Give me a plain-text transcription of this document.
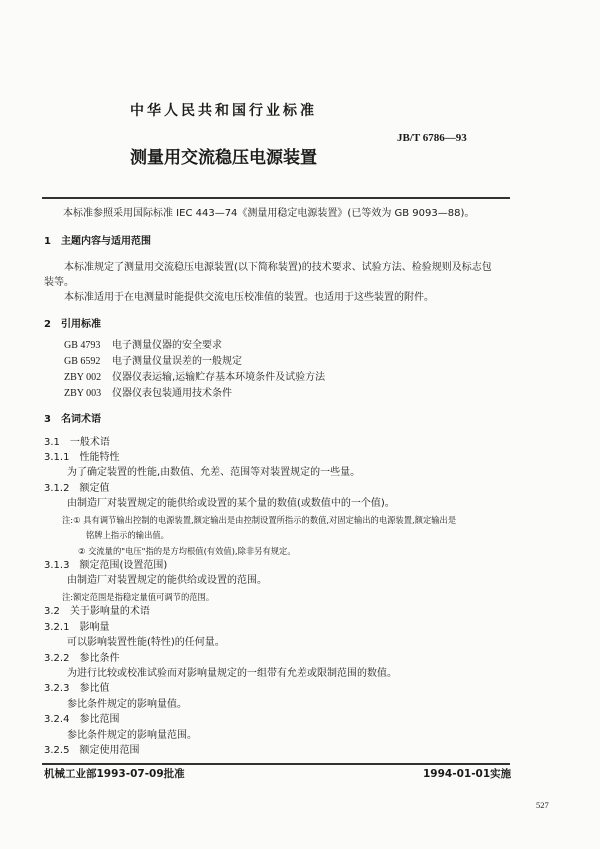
中华人民共和国行业标准
JB/T 6786—93
测量用交流稳压电源装置
本标准参照采用国际标准 IEC 443—74《测量用稳定电源装置》(已等效为 GB 9093—88)。
1　主题内容与适用范围
本标准规定了测量用交流稳压电源装置(以下简称装置)的技术要求、试验方法、检验规则及标志包
装等。
本标准适用于在电测量时能提供交流电压校准值的装置。也适用于这些装置的附件。
2　引用标准
GB 4793 电子测量仪器的安全要求
GB 6592 电子测量仪量误差的一般规定
ZBY 002 仪器仪表运输,运输贮存基本环境条件及试验方法
ZBY 003 仪器仪表包装通用技术条件
3　名词术语
3.1　一般术语
3.1.1　性能特性
为了确定装置的性能,由数值、允差、范围等对装置规定的一些量。
3.1.2　额定值
由制造厂对装置规定的能供给或设置的某个量的数值(或数值中的一个值)。
注:① 具有调节输出控制的电源装置,额定输出是由控制设置所指示的数值,对固定输出的电源装置,额定输出是
铭牌上指示的输出值。
② 交流量的"电压"指的是方均根值(有效值),除非另有规定。
3.1.3　额定范围(设置范围)
由制造厂对装置规定的能供给或设置的范围。
注:额定范围是指稳定量值可调节的范围。
3.2　关于影响量的术语
3.2.1　影响量
可以影响装置性能(特性)的任何量。
3.2.2　参比条件
为进行比较或校准试验而对影响量规定的一组带有允差或限制范围的数值。
3.2.3　参比值
参比条件规定的影响量值。
3.2.4　参比范围
参比条件规定的影响量范围。
3.2.5　额定使用范围
机械工业部1993-07-09批准	1994-01-01实施
527
